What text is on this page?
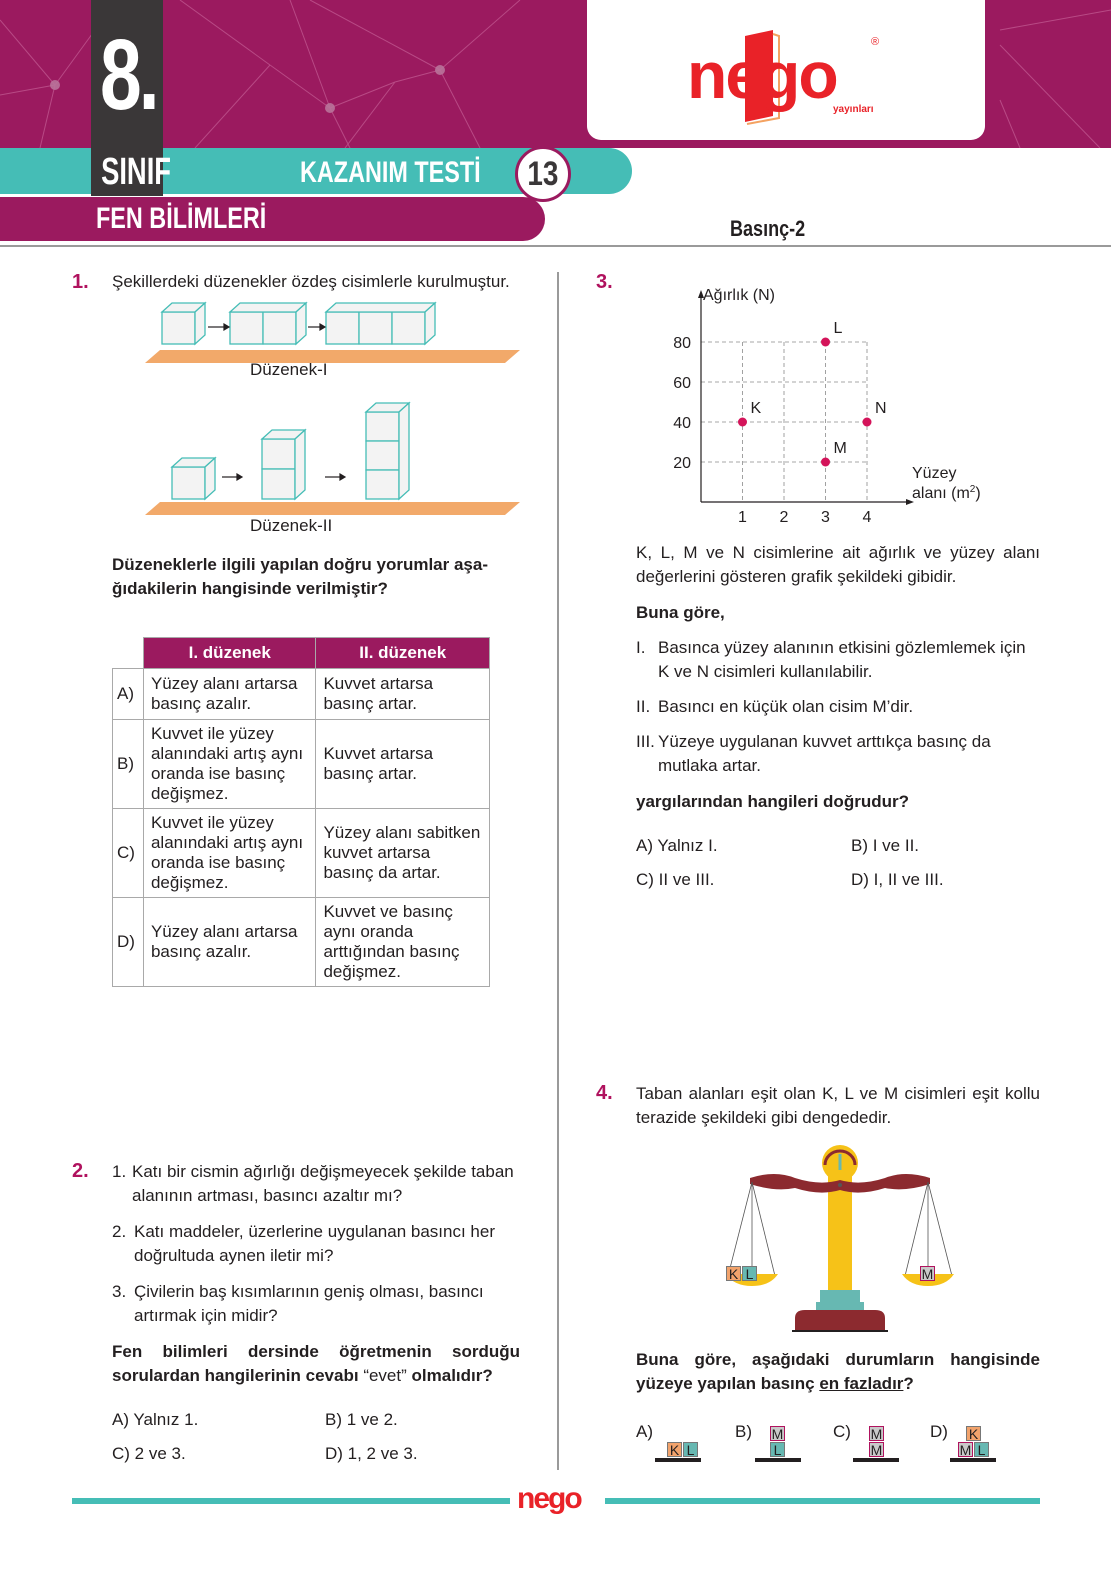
nego
yayınları
®
8.
SINIF	KAZANIM TESTİ	13
FEN BİLİMLERİ	Basınç-2
1. Şekillerdeki düzenekler özdeş cisimlerle kurulmuştur.
Düzenek-I
Düzenek-II
Düzeneklerle ilgili yapılan doğru yorumlar aşa-
ğıdakilerin hangisinde verilmiştir?
	I. düzenek	II. düzenek
A)	Yüzey alanı artarsa basınç azalır.	Kuvvet artarsa basınç artar.
B)	Kuvvet ile yüzey alanındaki artış aynı oranda ise basınç değişmez.	Kuvvet artarsa basınç artar.
C)	Kuvvet ile yüzey alanındaki artış aynı oranda ise basınç değişmez.	Yüzey alanı sabitken kuvvet artarsa basınç da artar.
D)	Yüzey alanı artarsa basınç azalır.	Kuvvet ve basınç aynı oranda arttığından basınç değişmez.
2. 1. Katı bir cismin ağırlığı değişmeyecek şekilde taban alanının artması, basıncı azaltır mı?
2. Katı maddeler, üzerlerine uygulanan basıncı her doğrultuda aynen iletir mi?
3. Çivilerin baş kısımlarının geniş olması, basıncı artırmak için midir?
Fen bilimleri dersinde öğretmenin sorduğu sorulardan hangilerinin cevabı “evet” olmalıdır?
A) Yalnız 1.	B) 1 ve 2.
C) 2 ve 3.	D) 1, 2 ve 3.
3.
Ağırlık (N)
Yüzey
alanı $(m^2)$
20
40
60
80
1 2 3 4
K
L
M
N
K, L, M ve N cisimlerine ait ağırlık ve yüzey alanı değerlerini gösteren grafik şekildeki gibidir.
Buna göre,
I. Basınca yüzey alanının etkisini gözlemlemek için K ve N cisimleri kullanılabilir.
II. Basıncı en küçük olan cisim M’dir.
III. Yüzeye uygulanan kuvvet arttıkça basınç da mutlaka artar.
yargılarından hangileri doğrudur?
A) Yalnız I.	B) I ve II.
C) II ve III.	D) I, II ve III.
4. Taban alanları eşit olan K, L ve M cisimleri eşit kollu terazide şekildeki gibi dengededir.
K L	M
Buna göre, aşağıdaki durumların hangisinde yüzeye yapılan basınç en fazladır?
A)
K L
B) M
L
C) M
M
D) K
M L
nego
